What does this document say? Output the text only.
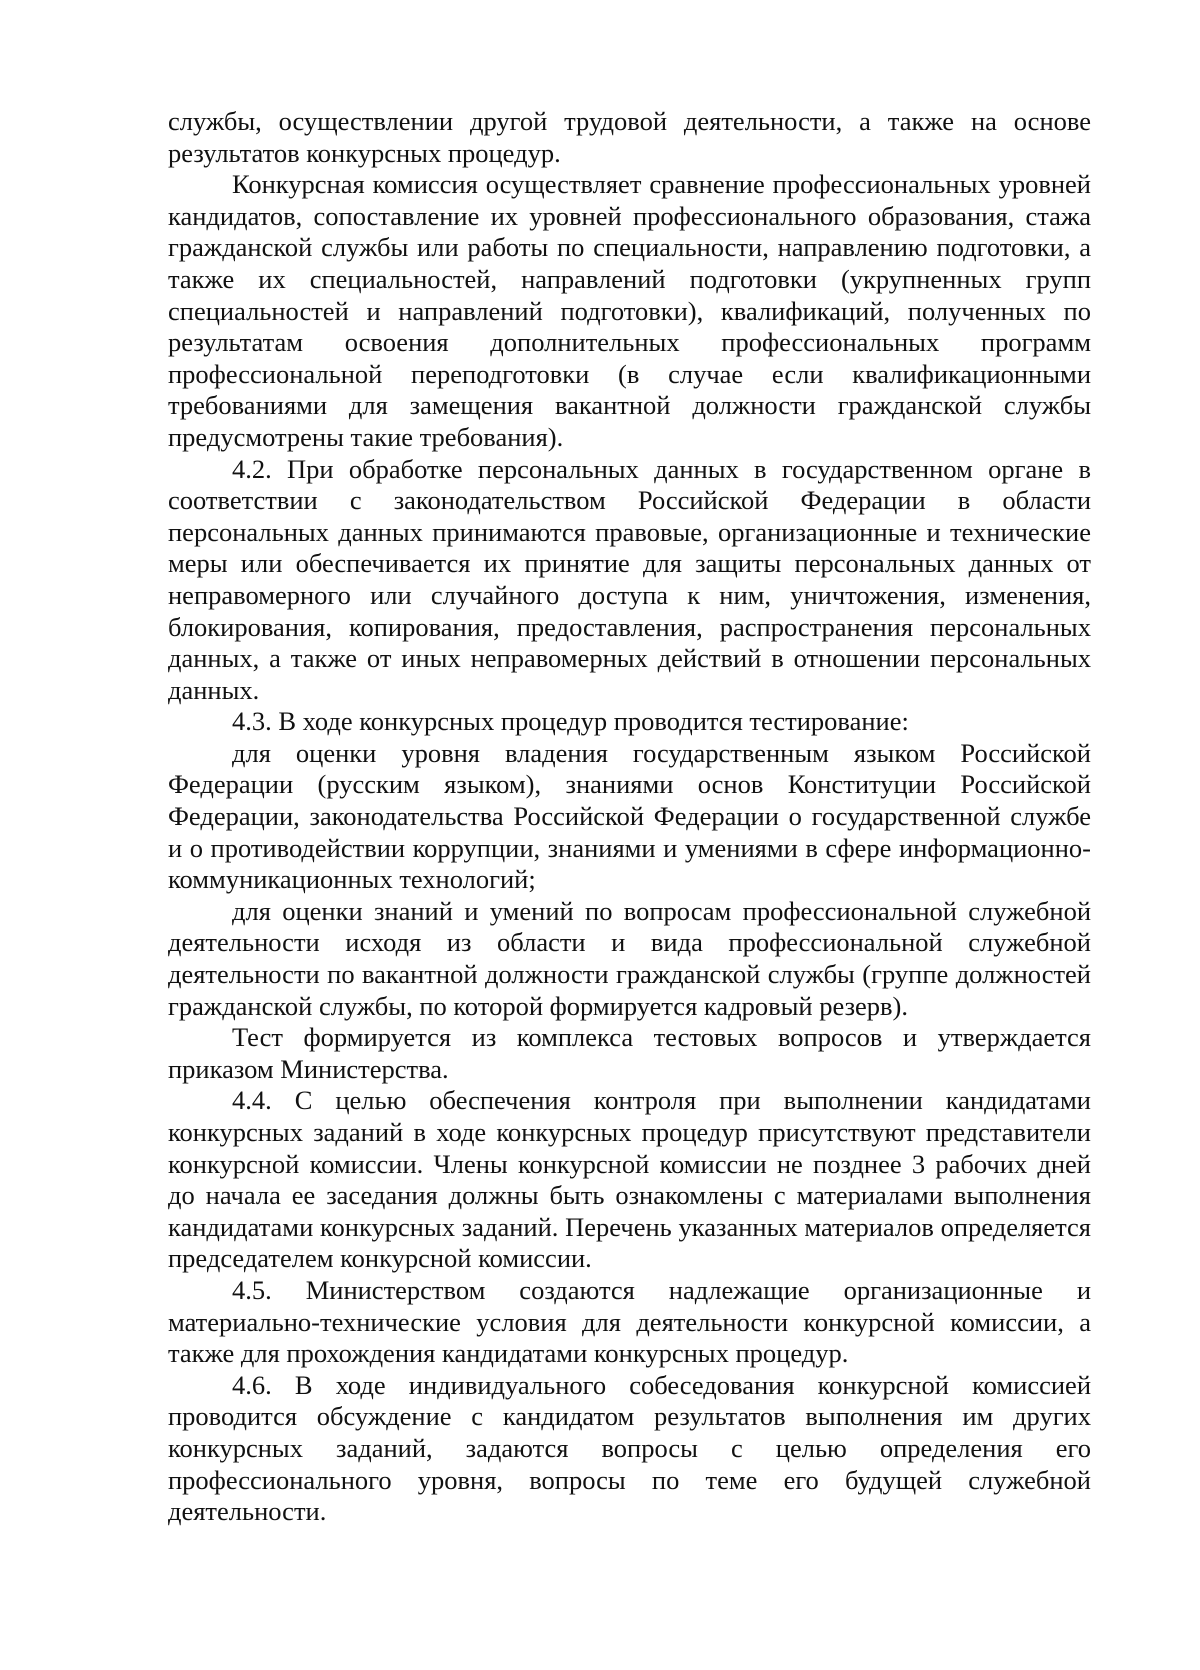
службы, осуществлении другой трудовой деятельности, а также на основе результатов конкурсных процедур.

Конкурсная комиссия осуществляет сравнение профессиональных уровней кандидатов, сопоставление их уровней профессионального образования, стажа гражданской службы или работы по специальности, направлению подготовки, а также их специальностей, направлений подготовки (укрупненных групп специальностей и направлений подготовки), квалификаций, полученных по результатам освоения дополнительных профессиональных программ профессиональной переподготовки (в случае если квалификационными требованиями для замещения вакантной должности гражданской службы предусмотрены такие требования).

4.2. При обработке персональных данных в государственном органе в соответствии с законодательством Российской Федерации в области персональных данных принимаются правовые, организационные и технические меры или обеспечивается их принятие для защиты персональных данных от неправомерного или случайного доступа к ним, уничтожения, изменения, блокирования, копирования, предоставления, распространения персональных данных, а также от иных неправомерных действий в отношении персональных данных.

4.3. В ходе конкурсных процедур проводится тестирование:

для оценки уровня владения государственным языком Российской Федерации (русским языком), знаниями основ Конституции Российской Федерации, законодательства Российской Федерации о государственной службе и о противодействии коррупции, знаниями и умениями в сфере информационно-коммуникационных технологий;

для оценки знаний и умений по вопросам профессиональной служебной деятельности исходя из области и вида профессиональной служебной деятельности по вакантной должности гражданской службы (группе должностей гражданской службы, по которой формируется кадровый резерв).

Тест формируется из комплекса тестовых вопросов и утверждается приказом Министерства.

4.4. С целью обеспечения контроля при выполнении кандидатами конкурсных заданий в ходе конкурсных процедур присутствуют представители конкурсной комиссии. Члены конкурсной комиссии не позднее 3 рабочих дней до начала ее заседания должны быть ознакомлены с материалами выполнения кандидатами конкурсных заданий. Перечень указанных материалов определяется председателем конкурсной комиссии.

4.5. Министерством создаются надлежащие организационные и материально-технические условия для деятельности конкурсной комиссии, а также для прохождения кандидатами конкурсных процедур.

4.6. В ходе индивидуального собеседования конкурсной комиссией проводится обсуждение с кандидатом результатов выполнения им других конкурсных заданий, задаются вопросы с целью определения его профессионального уровня, вопросы по теме его будущей служебной деятельности.
